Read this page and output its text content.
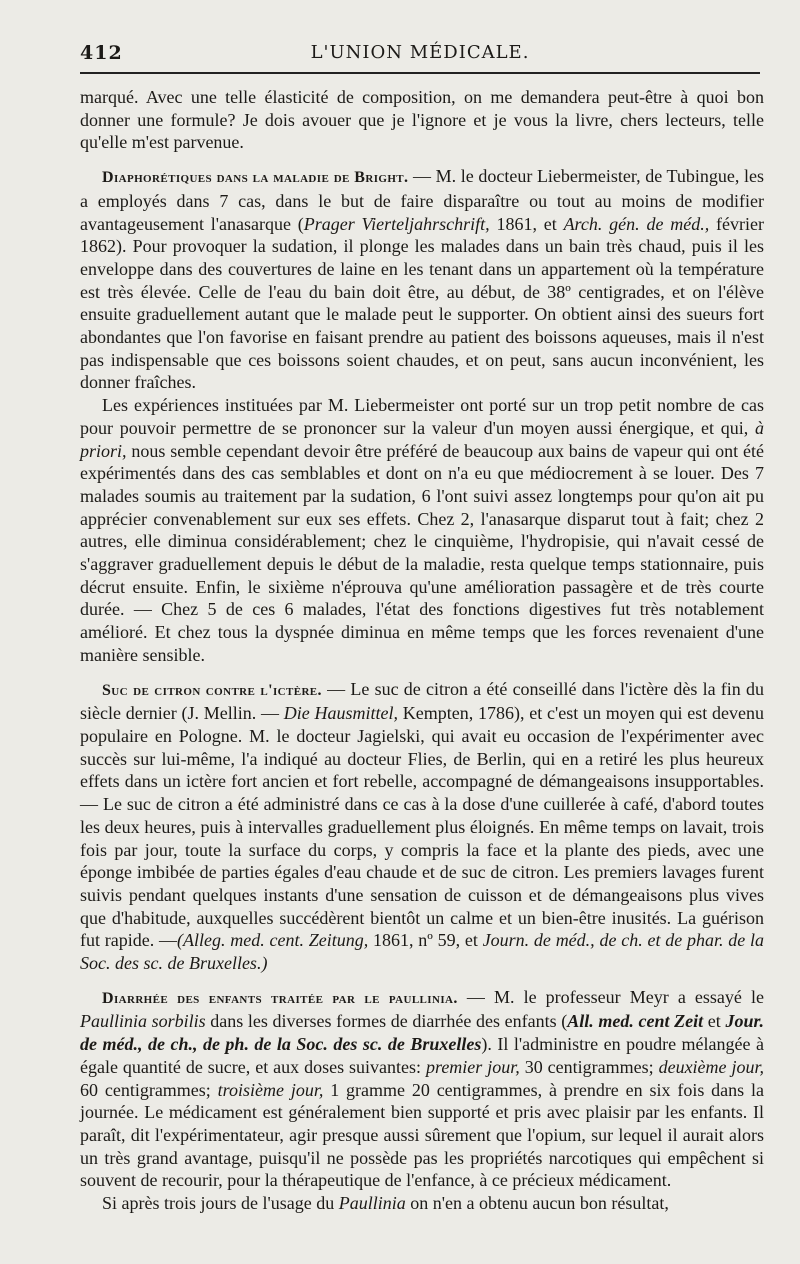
412	L'UNION MÉDICALE.

marqué. Avec une telle élasticité de composition, on me demandera peut-être à quoi bon donner une formule? Je dois avouer que je l'ignore et je vous la livre, chers lecteurs, telle qu'elle m'est parvenue.

Diaphorétiques dans la maladie de Bright. — M. le docteur Liebermeister, de Tubingue, les a employés dans 7 cas, dans le but de faire disparaître ou tout au moins de modifier avantageusement l'anasarque (Prager Vierteljahrschrift, 1861, et Arch. gén. de méd., février 1862). Pour provoquer la sudation, il plonge les malades dans un bain très chaud, puis il les enveloppe dans des couvertures de laine en les tenant dans un appartement où la température est très élevée. Celle de l'eau du bain doit être, au début, de 38º centigrades, et on l'élève ensuite graduellement autant que le malade peut le supporter. On obtient ainsi des sueurs fort abondantes que l'on favorise en faisant prendre au patient des boissons aqueuses, mais il n'est pas indispensable que ces boissons soient chaudes, et on peut, sans aucun inconvénient, les donner fraîches.

Les expériences instituées par M. Liebermeister ont porté sur un trop petit nombre de cas pour pouvoir permettre de se prononcer sur la valeur d'un moyen aussi énergique, et qui, à priori, nous semble cependant devoir être préféré de beaucoup aux bains de vapeur qui ont été expérimentés dans des cas semblables et dont on n'a eu que médiocrement à se louer. Des 7 malades soumis au traitement par la sudation, 6 l'ont suivi assez longtemps pour qu'on ait pu apprécier convenablement sur eux ses effets. Chez 2, l'anasarque disparut tout à fait; chez 2 autres, elle diminua considérablement; chez le cinquième, l'hydropisie, qui n'avait cessé de s'aggraver graduellement depuis le début de la maladie, resta quelque temps stationnaire, puis décrut ensuite. Enfin, le sixième n'éprouva qu'une amélioration passagère et de très courte durée. — Chez 5 de ces 6 malades, l'état des fonctions digestives fut très notablement amélioré. Et chez tous la dyspnée diminua en même temps que les forces revenaient d'une manière sensible.

Suc de citron contre l'ictère. — Le suc de citron a été conseillé dans l'ictère dès la fin du siècle dernier (J. Mellin. — Die Hausmittel, Kempten, 1786), et c'est un moyen qui est devenu populaire en Pologne. M. le docteur Jagielski, qui avait eu occasion de l'expérimenter avec succès sur lui-même, l'a indiqué au docteur Flies, de Berlin, qui en a retiré les plus heureux effets dans un ictère fort ancien et fort rebelle, accompagné de démangeaisons insupportables. — Le suc de citron a été administré dans ce cas à la dose d'une cuillerée à café, d'abord toutes les deux heures, puis à intervalles graduellement plus éloignés. En même temps on lavait, trois fois par jour, toute la surface du corps, y compris la face et la plante des pieds, avec une éponge imbibée de parties égales d'eau chaude et de suc de citron. Les premiers lavages furent suivis pendant quelques instants d'une sensation de cuisson et de démangeaisons plus vives que d'habitude, auxquelles succédèrent bientôt un calme et un bien-être inusités. La guérison fut rapide. —(Alleg. med. cent. Zeitung, 1861, nº 59, et Journ. de méd., de ch. et de phar. de la Soc. des sc. de Bruxelles.)

Diarrhée des enfants traitée par le paullinia. — M. le professeur Meyr a essayé le Paullinia sorbilis dans les diverses formes de diarrhée des enfants (All. med. cent Zeit et Jour. de méd., de ch., de ph. de la Soc. des sc. de Bruxelles). Il l'administre en poudre mélangée à égale quantité de sucre, et aux doses suivantes: premier jour, 30 centigrammes; deuxième jour, 60 centigrammes; troisième jour, 1 gramme 20 centigrammes, à prendre en six fois dans la journée. Le médicament est généralement bien supporté et pris avec plaisir par les enfants. Il paraît, dit l'expérimentateur, agir presque aussi sûrement que l'opium, sur lequel il aurait alors un très grand avantage, puisqu'il ne possède pas les propriétés narcotiques qui empêchent si souvent de recourir, pour la thérapeutique de l'enfance, à ce précieux médicament.

Si après trois jours de l'usage du Paullinia on n'en a obtenu aucun bon résultat,
